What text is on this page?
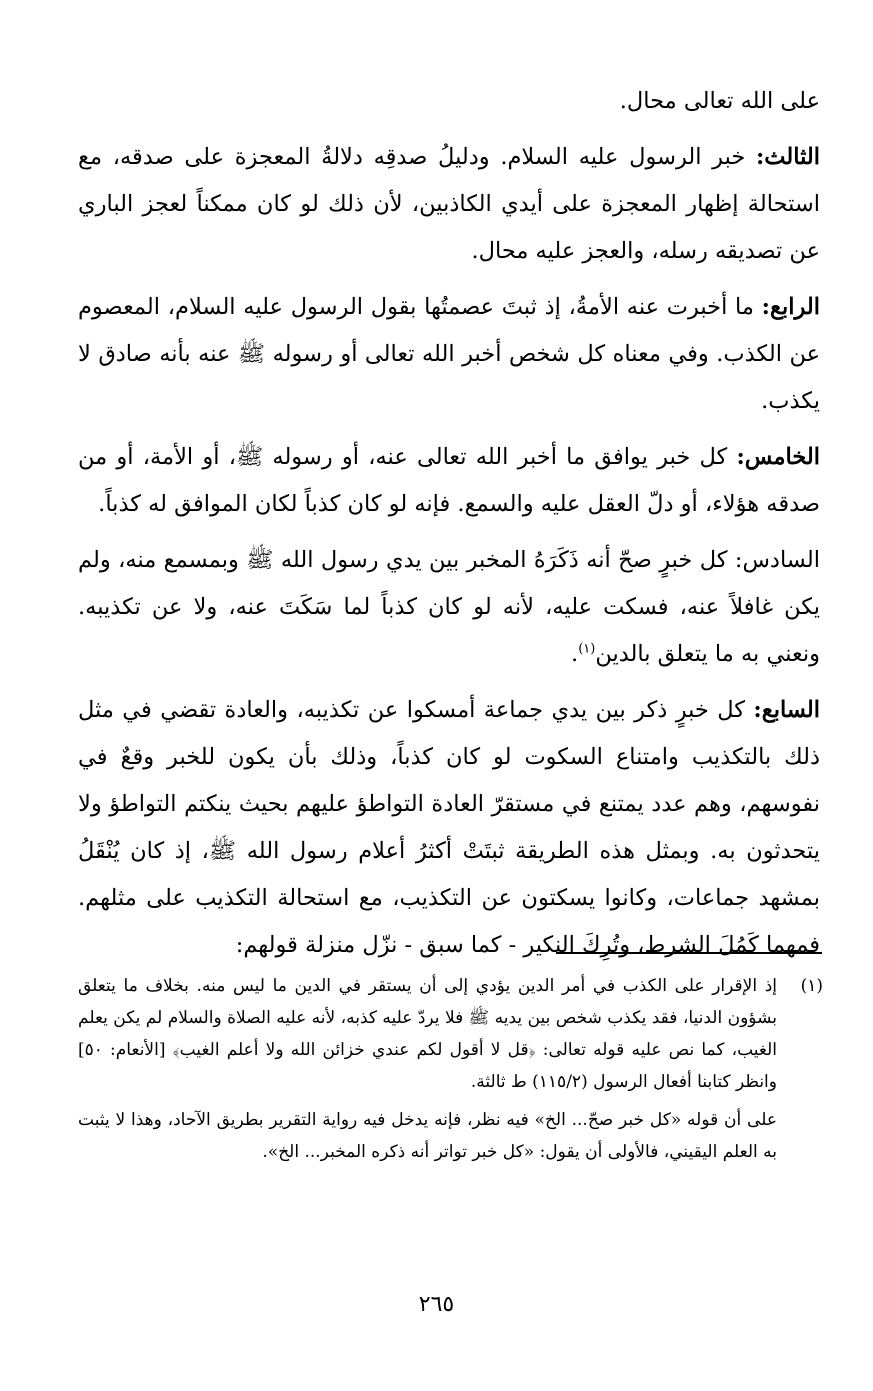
على الله تعالى محال.

الثالث: خبر الرسول عليه السلام. ودليلُ صدقِه دلالةُ المعجزة على صدقه، مع استحالة إظهار المعجزة على أيدي الكاذبين، لأن ذلك لو كان ممكناً لعجز الباري عن تصديقه رسله، والعجز عليه محال.

الرابع: ما أخبرت عنه الأمةُ، إذ ثبتَ عصمتُها بقول الرسول عليه السلام، المعصوم عن الكذب. وفي معناه كل شخص أخبر الله تعالى أو رسوله ﷺ عنه بأنه صادق لا يكذب.

الخامس: كل خبر يوافق ما أخبر الله تعالى عنه، أو رسوله ﷺ، أو الأمة، أو من صدقه هؤلاء، أو دلّ العقل عليه والسمع. فإنه لو كان كذباً لكان الموافق له كذباً.

السادس: كل خبرٍ صحّ أنه ذَكَرَهُ المخبر بين يدي رسول الله ﷺ وبمسمع منه، ولم يكن غافلاً عنه، فسكت عليه، لأنه لو كان كذباً لما سَكَتَ عنه، ولا عن تكذيبه. ونعني به ما يتعلق بالدين$^{(١)}$.

السابع: كل خبرٍ ذكر بين يدي جماعة أمسكوا عن تكذيبه، والعادة تقضي في مثل ذلك بالتكذيب وامتناع السكوت لو كان كذباً، وذلك بأن يكون للخبر وقعٌ في نفوسهم، وهم عدد يمتنع في مستقرّ العادة التواطؤ عليهم بحيث ينكتم التواطؤ ولا يتحدثون به. وبمثل هذه الطريقة ثبتَتْ أكثرُ أعلام رسول الله ﷺ، إذ كان يُنْقَلُ بمشهد جماعات، وكانوا يسكتون عن التكذيب، مع استحالة التكذيب على مثلهم. فمهما كَمُلَ الشرط، وتُرِكَ النكير - كما سبق - نزّل منزلة قولهم:

(١)

إذ الإقرار على الكذب في أمر الدين يؤدي إلى أن يستقر في الدين ما ليس منه. بخلاف ما يتعلق بشؤون الدنيا، فقد يكذب شخص بين يديه ﷺ فلا يردّ عليه كذبه، لأنه عليه الصلاة والسلام لم يكن يعلم الغيب، كما نص عليه قوله تعالى: ﴿قل لا أقول لكم عندي خزائن الله ولا أعلم الغيب﴾ [الأنعام: ٥٠] وانظر كتابنا أفعال الرسول (١١٥/٢) ط ثالثة.

على أن قوله «كل خبر صحّ... الخ» فيه نظر، فإنه يدخل فيه رواية التقرير بطريق الآحاد، وهذا لا يثبت به العلم اليقيني، فالأولى أن يقول: «كل خبر تواتر أنه ذكره المخبر... الخ».

٢٦٥
